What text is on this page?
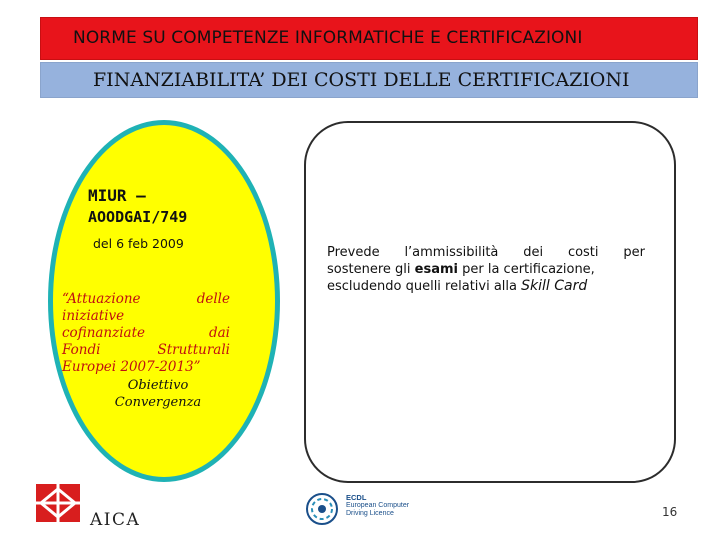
NORME SU COMPETENZE INFORMATICHE E CERTIFICAZIONI
FINANZIABILITA’ DEI COSTI DELLE CERTIFICAZIONI
MIUR –
AOODGAI/749
del 6 feb 2009
“Attuazione	delle
iniziative
cofinanziate	dai
Fondi	Strutturali
Europei 2007-2013”
Obiettivo
Convergenza
Prevede l’ammissibilità dei costi per
sostenere gli esami per la certificazione,
escludendo quelli relativi alla Skill Card
AICA
ECDL
European Computer
Driving Licence	16
